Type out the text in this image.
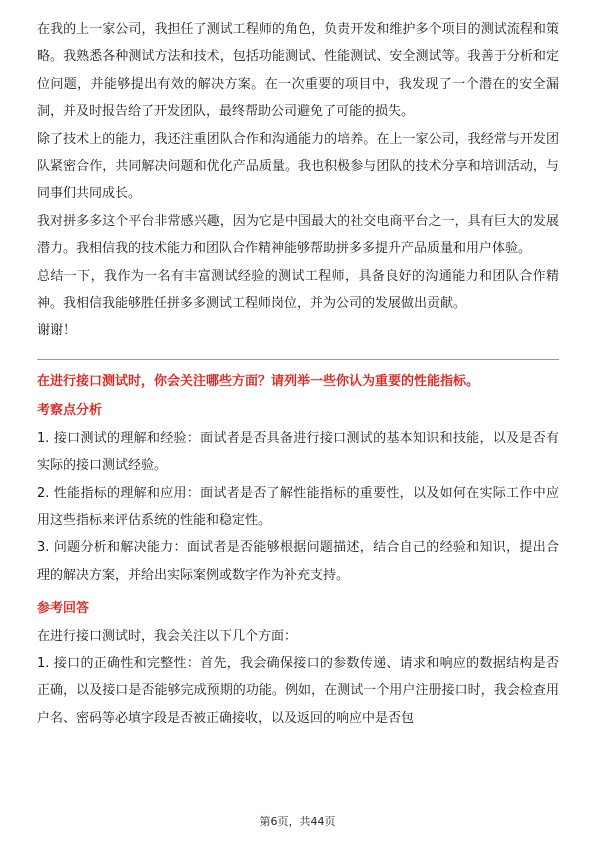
在我的上一家公司，我担任了测试工程师的角色，负责开发和维护多个项目的测试流程和策略。我熟悉各种测试方法和技术，包括功能测试、性能测试、安全测试等。我善于分析和定位问题，并能够提出有效的解决方案。在一次重要的项目中，我发现了一个潜在的安全漏洞，并及时报告给了开发团队，最终帮助公司避免了可能的损失。

除了技术上的能力，我还注重团队合作和沟通能力的培养。在上一家公司，我经常与开发团队紧密合作，共同解决问题和优化产品质量。我也积极参与团队的技术分享和培训活动，与同事们共同成长。

我对拼多多这个平台非常感兴趣，因为它是中国最大的社交电商平台之一，具有巨大的发展潜力。我相信我的技术能力和团队合作精神能够帮助拼多多提升产品质量和用户体验。

总结一下，我作为一名有丰富测试经验的测试工程师，具备良好的沟通能力和团队合作精神。我相信我能够胜任拼多多测试工程师岗位，并为公司的发展做出贡献。

谢谢！

在进行接口测试时，你会关注哪些方面？请列举一些你认为重要的性能指标。

考察点分析

1. 接口测试的理解和经验：面试者是否具备进行接口测试的基本知识和技能，以及是否有实际的接口测试经验。

2. 性能指标的理解和应用：面试者是否了解性能指标的重要性，以及如何在实际工作中应用这些指标来评估系统的性能和稳定性。

3. 问题分析和解决能力：面试者是否能够根据问题描述，结合自己的经验和知识，提出合理的解决方案，并给出实际案例或数字作为补充支持。

参考回答

在进行接口测试时，我会关注以下几个方面：

1. 接口的正确性和完整性：首先，我会确保接口的参数传递、请求和响应的数据结构是否正确，以及接口是否能够完成预期的功能。例如，在测试一个用户注册接口时，我会检查用户名、密码等必填字段是否被正确接收，以及返回的响应中是否包

第6页，共44页
